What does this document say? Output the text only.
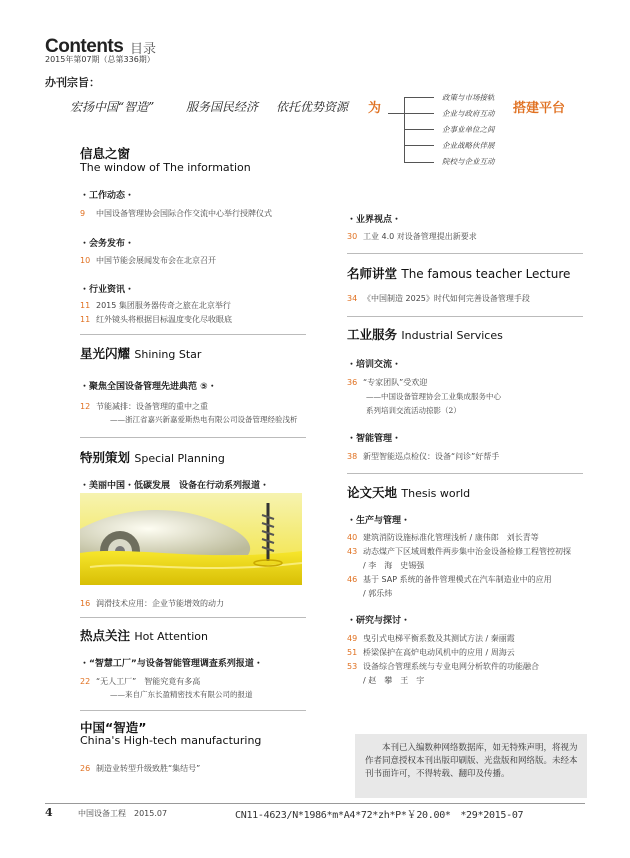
Contents 目录
2015年第07期（总第336期）
办刊宗旨：
宏扬中国“智造”	服务国民经济 依托优势资源 为	搭建平台
政策与市场接轨
企业与政府互动
企事业单位之间
企业战略伙伴展
院校与企业互动
信息之窗
The window of The information
・工作动态・
9 中国设备管理协会国际合作交流中心举行授牌仪式
・会务发布・
10 中国节能会展闻发布会在北京召开
・行业资讯・
11 2015 集团服务器传奇之旅在北京举行
11 红外镜头将根据目标温度变化尽收眼底
星光闪耀 Shining Star
・聚焦全国设备管理先进典范 ⑤・
12 节能减排：设备管理的重中之重
——浙江省嘉兴新嘉爱斯热电有限公司设备管理经验浅析
特别策划 Special Planning
・美丽中国・低碳发展　设备在行动系列报道・
16 润滑技术应用：企业节能增效的动力
热点关注 Hot Attention
・“智慧工厂”与设备智能管理调查系列报道・
22 “无人工厂”　智能究竟有多高
——来自广东长盈精密技术有限公司的报道
中国“智造”
China's High-tech manufacturing
26 制造业转型升级致胜“集结号”
・业界视点・
30 工业 4.0 对设备管理提出新要求
名师讲堂 The famous teacher Lecture
34 《中国制造 2025》时代如何完善设备管理手段
工业服务 Industrial Services
・培训交流・
36 “专家团队”受欢迎
——中国设备管理协会工业集成服务中心
系列培训交流活动掠影（2）
・智能管理・
38 新型智能巡点检仪：设备“问诊”好帮手
论文天地 Thesis world
・生产与管理・
40 建筑消防设施标准化管理浅析 / 康伟郎　刘长青等
43 动态煤产下区域周敷件两步集中治金设备检修工程管控初探
/ 李　海　史锡强
46 基于 SAP 系统的备件管理模式在汽车制造业中的应用
/ 郭乐炜
・研究与探讨・
49 曳引式电梯平衡系数及其测试方法 / 秦丽霞
51 桥梁保护在高炉电动风机中的应用 / 周海云
53 设备综合管理系统与专业电网分析软件的功能融合
/ 赵　攀　王　宇
本刊已入编数种网络数据库，如无特殊声明，将视为作者同意授权本刊出版印刷版、光盘版和网络版。未经本刊书面许可，不得转载、翻印及传播。
4	中国设备工程　2015.07	CN11-4623/N*1986*m*A4*72*zh*P*￥20.00*　*29*2015-07
